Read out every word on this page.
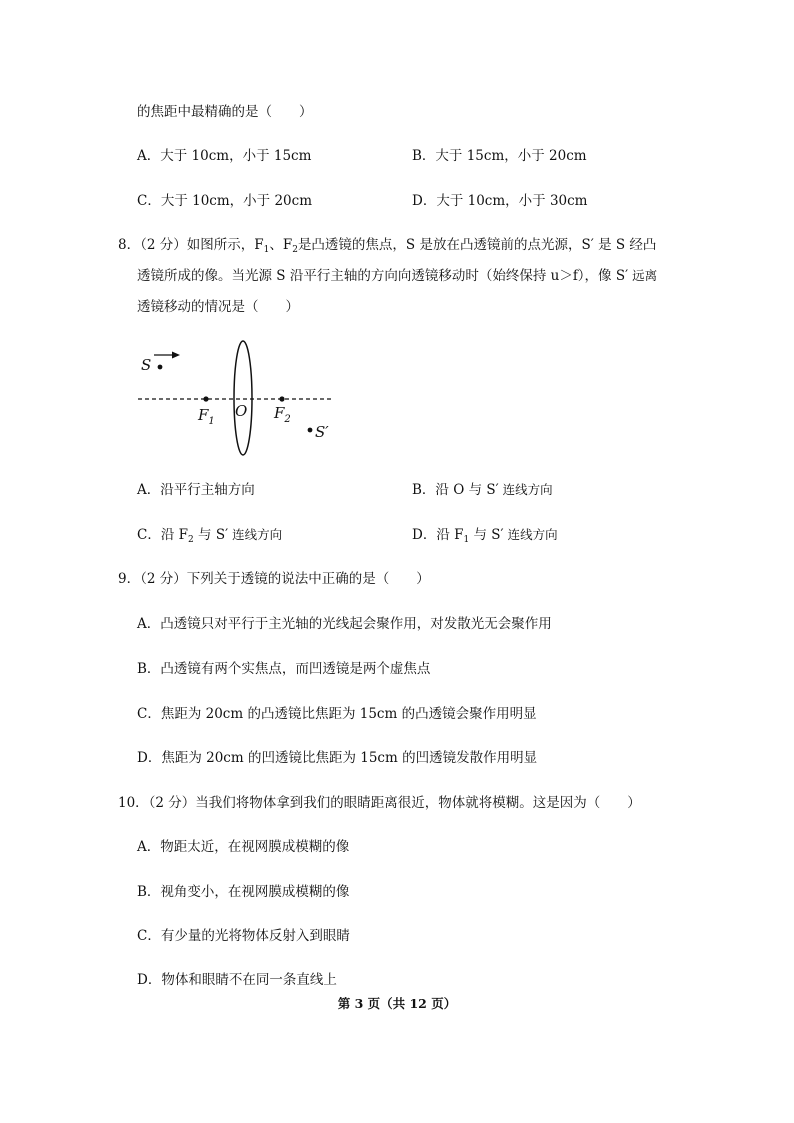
的焦距中最精确的是（　　）
A．大于 10cm，小于 15cm	B．大于 15cm，小于 20cm
C．大于 10cm，小于 20cm	D．大于 10cm，小于 30cm
8．（2 分）如图所示，$F_1$、$F_2$是凸透镜的焦点，S 是放在凸透镜前的点光源，S′ 是 S 经凸
透镜所成的像。当光源 S 沿平行主轴的方向向透镜移动时（始终保持 u＞f），像 S′ 远离
透镜移动的情况是（　　）
S
$F_1$
O $F_2$
S′
A．沿平行主轴方向	B．沿 O 与 S′ 连线方向
C．沿 $F_2$ 与 S′ 连线方向	D．沿 $F_1$ 与 S′ 连线方向
9．（2 分）下列关于透镜的说法中正确的是（　　）
A．凸透镜只对平行于主光轴的光线起会聚作用，对发散光无会聚作用
B．凸透镜有两个实焦点，而凹透镜是两个虚焦点
C．焦距为 20cm 的凸透镜比焦距为 15cm 的凸透镜会聚作用明显
D．焦距为 20cm 的凹透镜比焦距为 15cm 的凹透镜发散作用明显
10．（2 分）当我们将物体拿到我们的眼睛距离很近，物体就将模糊。这是因为（　　）
A．物距太近，在视网膜成模糊的像
B．视角变小，在视网膜成模糊的像
C．有少量的光将物体反射入到眼睛
D．物体和眼睛不在同一条直线上
第 3 页（共 12 页）
